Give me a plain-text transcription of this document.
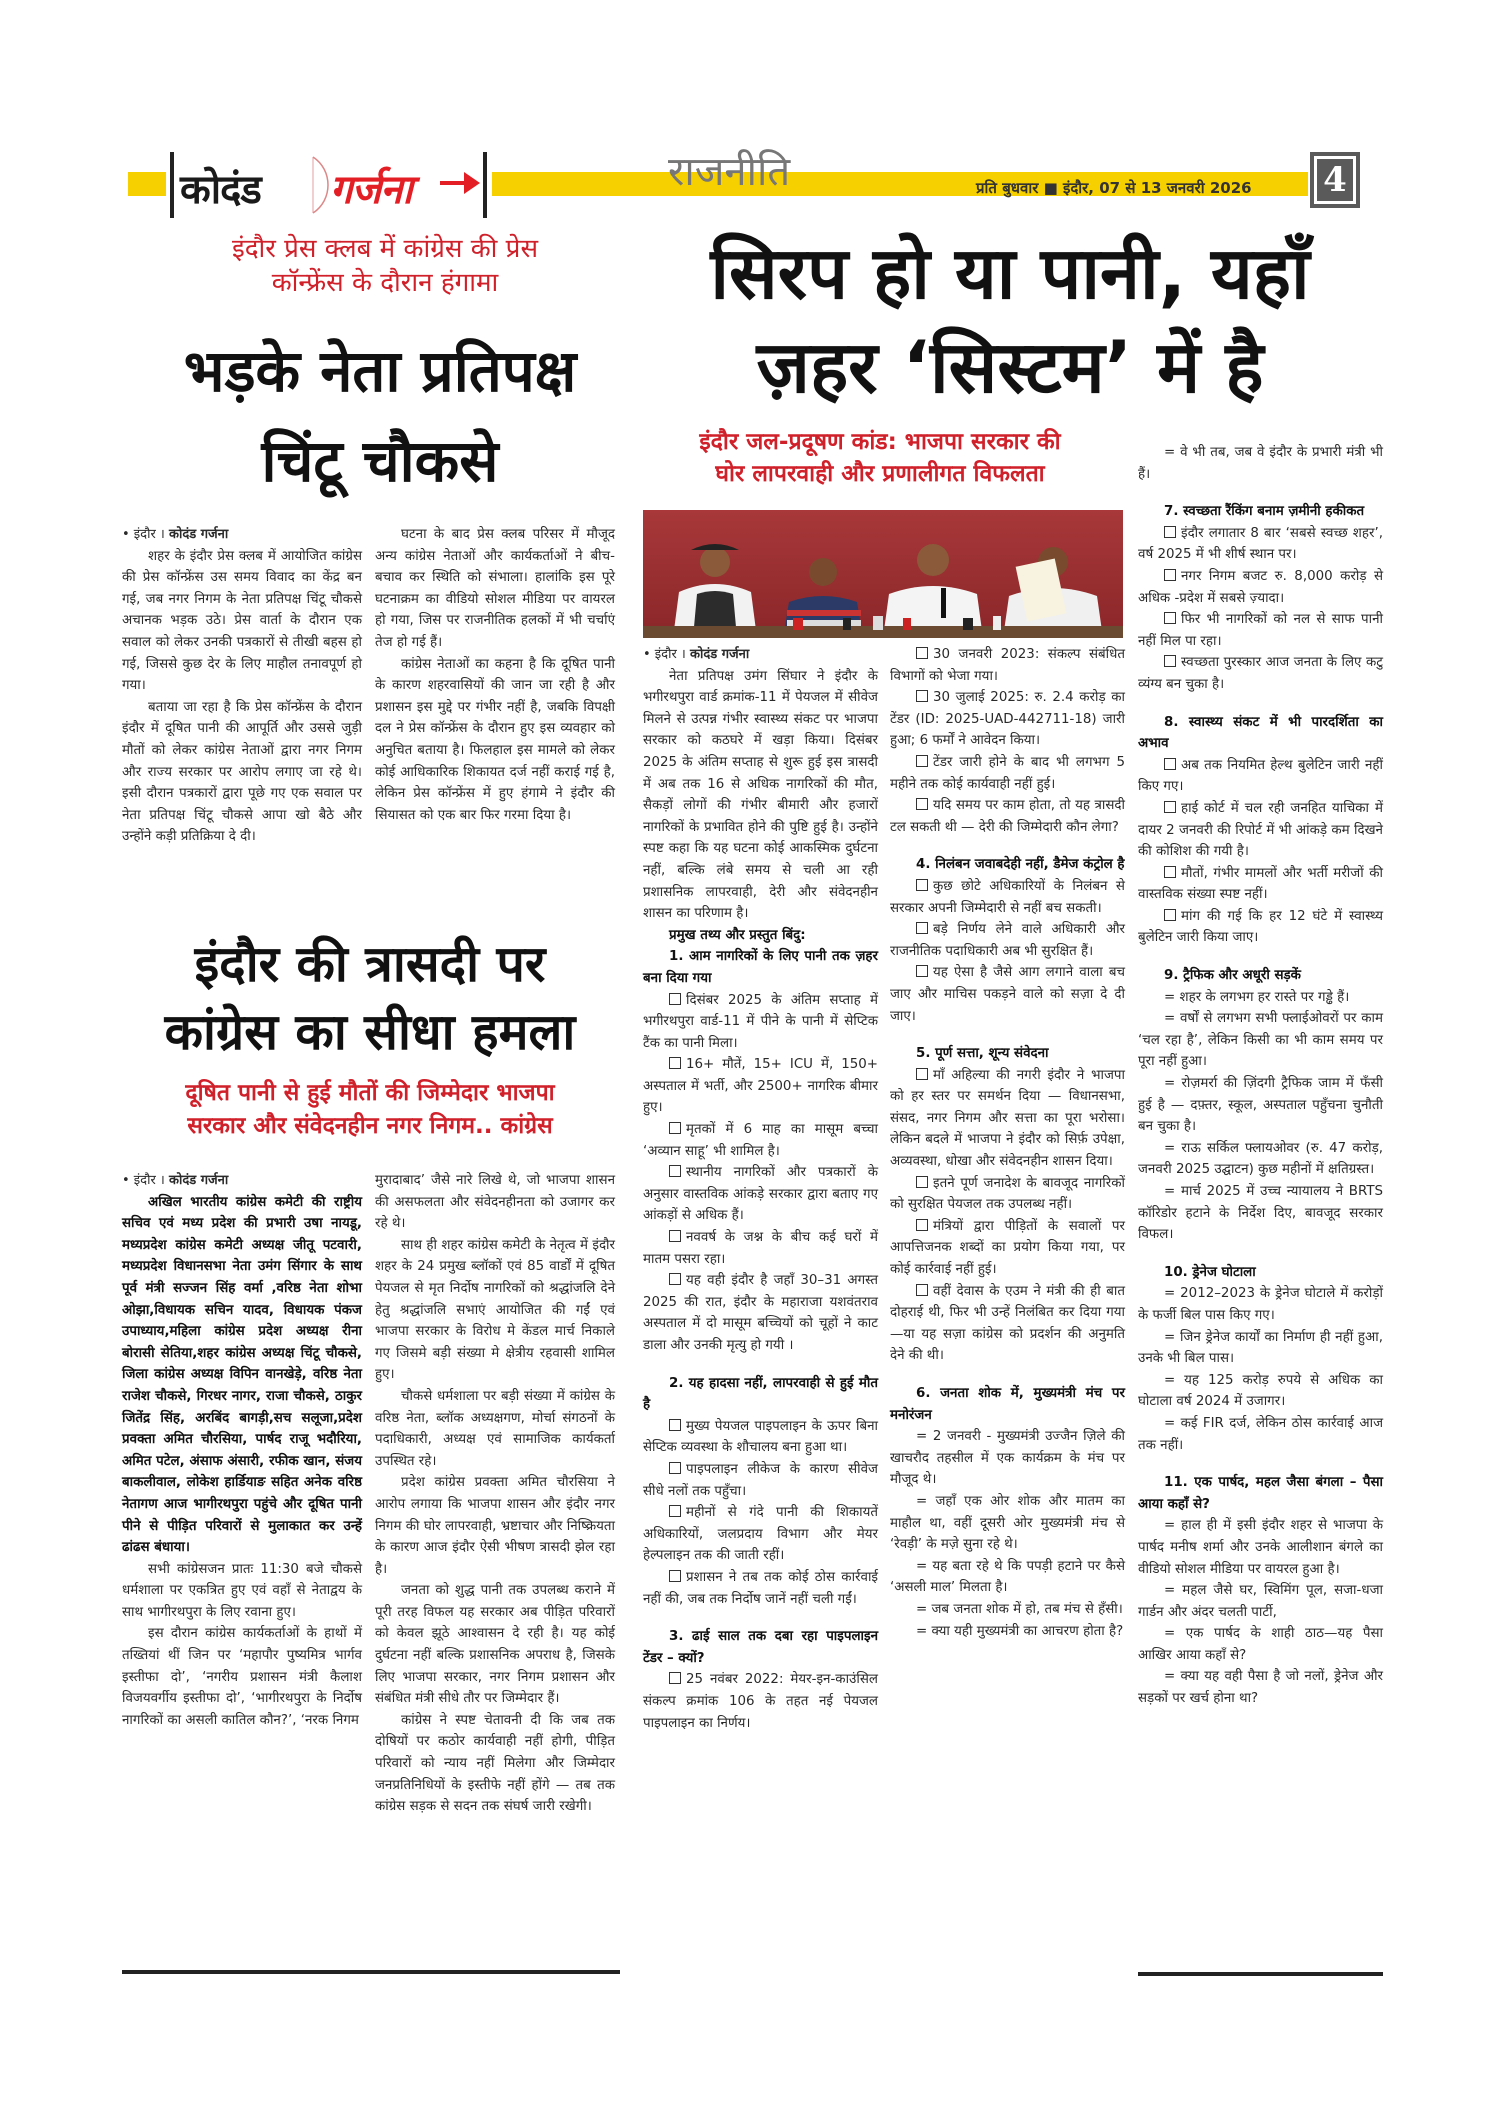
कोदंड गर्जना	राजनीति	प्रति बुधवार ■ इंदौर, 07 से 13 जनवरी 2026 4
इंदौर प्रेस क्लब में कांग्रेस की प्रेस कॉन्फ्रेंस के दौरान हंगामा
भड़के नेता प्रतिपक्ष
चिंटू चौकसे

• इंदौर । कोदंड गर्जना

शहर के इंदौर प्रेस क्लब में आयोजित कांग्रेस की प्रेस कॉन्फ्रेंस उस समय विवाद का केंद्र बन गई, जब नगर निगम के नेता प्रतिपक्ष चिंटू चौकसे अचानक भड़क उठे। प्रेस वार्ता के दौरान एक सवाल को लेकर उनकी पत्रकारों से तीखी बहस हो गई, जिससे कुछ देर के लिए माहौल तनावपूर्ण हो गया।

बताया जा रहा है कि प्रेस कॉन्फ्रेंस के दौरान इंदौर में दूषित पानी की आपूर्ति और उससे जुड़ी मौतों को लेकर कांग्रेस नेताओं द्वारा नगर निगम और राज्य सरकार पर आरोप लगाए जा रहे थे। इसी दौरान पत्रकारों द्वारा पूछे गए एक सवाल पर नेता प्रतिपक्ष चिंटू चौकसे आपा खो बैठे और उन्होंने कड़ी प्रतिक्रिया दे दी।

घटना के बाद प्रेस क्लब परिसर में मौजूद अन्य कांग्रेस नेताओं और कार्यकर्ताओं ने बीच-बचाव कर स्थिति को संभाला। हालांकि इस पूरे घटनाक्रम का वीडियो सोशल मीडिया पर वायरल हो गया, जिस पर राजनीतिक हलकों में भी चर्चाएं तेज हो गई हैं।

कांग्रेस नेताओं का कहना है कि दूषित पानी के कारण शहरवासियों की जान जा रही है और प्रशासन इस मुद्दे पर गंभीर नहीं है, जबकि विपक्षी दल ने प्रेस कॉन्फ्रेंस के दौरान हुए इस व्यवहार को अनुचित बताया है। फिलहाल इस मामले को लेकर कोई आधिकारिक शिकायत दर्ज नहीं कराई गई है, लेकिन प्रेस कॉन्फ्रेंस में हुए हंगामे ने इंदौर की सियासत को एक बार फिर गरमा दिया है।

इंदौर की त्रासदी पर
कांग्रेस का सीधा हमला
दूषित पानी से हुई मौतों की जिम्मेदार भाजपा
सरकार और संवेदनहीन नगर निगम.. कांग्रेस

• इंदौर । कोदंड गर्जना

अखिल भारतीय कांग्रेस कमेटी की राष्ट्रीय सचिव एवं मध्य प्रदेश की प्रभारी उषा नायडू, मध्यप्रदेश कांग्रेस कमेटी अध्यक्ष जीतू पटवारी, मध्यप्रदेश विधानसभा नेता उमंग सिंगार के साथ पूर्व मंत्री सज्जन सिंह वर्मा ,वरिष्ठ नेता शोभा ओझा,विधायक सचिन यादव, विधायक पंकज उपाध्याय,महिला कांग्रेस प्रदेश अध्यक्ष रीना बोरासी सेतिया,शहर कांग्रेस अध्यक्ष चिंटू चौकसे, जिला कांग्रेस अध्यक्ष विपिन वानखेड़े, वरिष्ठ नेता राजेश चौकसे, गिरधर नागर, राजा चौकसे, ठाकुर जितेंद्र सिंह, अरबिंद बागड़ी,सच सलूजा,प्रदेश प्रवक्ता अमित चौरसिया, पार्षद राजू भदौरिया, अमित पटेल, अंसाफ अंसारी, रफीक खान, संजय बाकलीवाल, लोकेश हार्डियाङ सहित अनेक वरिष्ठ नेतागण आज भागीरथपुरा पहुंचे और दूषित पानी पीने से पीड़ित परिवारों से मुलाकात कर उन्हें ढांढस बंधाया।

सभी कांग्रेसजन प्रातः 11:30 बजे चौकसे धर्मशाला पर एकत्रित हुए एवं वहाँ से नेताद्वय के साथ भागीरथपुरा के लिए रवाना हुए।

इस दौरान कांग्रेस कार्यकर्ताओं के हाथों में तख्तियां थीं जिन पर ‘महापौर पुष्यमित्र भार्गव इस्तीफा दो’, ‘नगरीय प्रशासन मंत्री कैलाश विजयवर्गीय इस्तीफा दो’, ‘भागीरथपुरा के निर्दोष नागरिकों का असली कातिल कौन?’, ‘नरक निगम

मुरादाबाद’ जैसे नारे लिखे थे, जो भाजपा शासन की असफलता और संवेदनहीनता को उजागर कर रहे थे।

साथ ही शहर कांग्रेस कमेटी के नेतृत्व में इंदौर शहर के 24 प्रमुख ब्लॉकों एवं 85 वार्डों में दूषित पेयजल से मृत निर्दोष नागरिकों को श्रद्धांजलि देने हेतु श्रद्धांजलि सभाएं आयोजित की गईं एवं भाजपा सरकार के विरोध मे केंडल मार्च निकाले गए जिसमे बड़ी संख्या मे क्षेत्रीय रहवासी शामिल हुए।

चौकसे धर्मशाला पर बड़ी संख्या में कांग्रेस के वरिष्ठ नेता, ब्लॉक अध्यक्षगण, मोर्चा संगठनों के पदाधिकारी, अध्यक्ष एवं सामाजिक कार्यकर्ता उपस्थित रहे।

प्रदेश कांग्रेस प्रवक्ता अमित चौरसिया ने आरोप लगाया कि भाजपा शासन और इंदौर नगर निगम की घोर लापरवाही, भ्रष्टाचार और निष्क्रियता के कारण आज इंदौर ऐसी भीषण त्रासदी झेल रहा है।

जनता को शुद्ध पानी तक उपलब्ध कराने में पूरी तरह विफल यह सरकार अब पीड़ित परिवारों को केवल झूठे आश्वासन दे रही है। यह कोई दुर्घटना नहीं बल्कि प्रशासनिक अपराध है, जिसके लिए भाजपा सरकार, नगर निगम प्रशासन और संबंधित मंत्री सीधे तौर पर जिम्मेदार हैं।

कांग्रेस ने स्पष्ट चेतावनी दी कि जब तक दोषियों पर कठोर कार्यवाही नहीं होगी, पीड़ित परिवारों को न्याय नहीं मिलेगा और जिम्मेदार जनप्रतिनिधियों के इस्तीफे नहीं होंगे — तब तक कांग्रेस सड़क से सदन तक संघर्ष जारी रखेगी।

सिरप हो या पानी, यहाँ
ज़हर ‘सिस्टम’ में है
इंदौर जल-प्रदूषण कांड: भाजपा सरकार की
घोर लापरवाही और प्रणालीगत विफलता

• इंदौर । कोदंड गर्जना

नेता प्रतिपक्ष उमंग सिंघार ने इंदौर के भगीरथपुरा वार्ड क्रमांक-11 में पेयजल में सीवेज मिलने से उत्पन्न गंभीर स्वास्थ्य संकट पर भाजपा सरकार को कठघरे में खड़ा किया। दिसंबर 2025 के अंतिम सप्ताह से शुरू हुई इस त्रासदी में अब तक 16 से अधिक नागरिकों की मौत, सैकड़ों लोगों की गंभीर बीमारी और हजारों नागरिकों के प्रभावित होने की पुष्टि हुई है। उन्होंने स्पष्ट कहा कि यह घटना कोई आकस्मिक दुर्घटना नहीं, बल्कि लंबे समय से चली आ रही प्रशासनिक लापरवाही, देरी और संवेदनहीन शासन का परिणाम है।

प्रमुख तथ्य और प्रस्तुत बिंदु:

1. आम नागरिकों के लिए पानी तक ज़हर बना दिया गया

दिसंबर 2025 के अंतिम सप्ताह में भगीरथपुरा वार्ड-11 में पीने के पानी में सेप्टिक टैंक का पानी मिला।

16+ मौतें, 15+ ICU में, 150+ अस्पताल में भर्ती, और 2500+ नागरिक बीमार हुए।

मृतकों में 6 माह का मासूम बच्चा ‘अव्यान साहू’ भी शामिल है।

स्थानीय नागरिकों और पत्रकारों के अनुसार वास्तविक आंकड़े सरकार द्वारा बताए गए आंकड़ों से अधिक हैं।

नववर्ष के जश्न के बीच कई घरों में मातम पसरा रहा।

यह वही इंदौर है जहाँ 30–31 अगस्त 2025 की रात, इंदौर के महाराजा यशवंतराव अस्पताल में दो मासूम बच्चियों को चूहों ने काट डाला और उनकी मृत्यु हो गयी ।

2. यह हादसा नहीं, लापरवाही से हुई मौत है

मुख्य पेयजल पाइपलाइन के ऊपर बिना सेप्टिक व्यवस्था के शौचालय बना हुआ था।

पाइपलाइन लीकेज के कारण सीवेज सीधे नलों तक पहुँचा।

महीनों से गंदे पानी की शिकायतें अधिकारियों, जलप्रदाय विभाग और मेयर हेल्पलाइन तक की जाती रहीं।

प्रशासन ने तब तक कोई ठोस कार्रवाई नहीं की, जब तक निर्दोष जानें नहीं चली गईं।

3. ढाई साल तक दबा रहा पाइपलाइन टेंडर – क्यों?

25 नवंबर 2022: मेयर-इन-काउंसिल संकल्प क्रमांक 106 के तहत नई पेयजल पाइपलाइन का निर्णय।

30 जनवरी 2023: संकल्प संबंधित विभागों को भेजा गया।

30 जुलाई 2025: रु. 2.4 करोड़ का टेंडर (ID: 2025-UAD-442711-18) जारी हुआ; 6 फर्मों ने आवेदन किया।

टेंडर जारी होने के बाद भी लगभग 5 महीने तक कोई कार्यवाही नहीं हुई।

यदि समय पर काम होता, तो यह त्रासदी टल सकती थी — देरी की जिम्मेदारी कौन लेगा?

4. निलंबन जवाबदेही नहीं, डैमेज कंट्रोल है

कुछ छोटे अधिकारियों के निलंबन से सरकार अपनी जिम्मेदारी से नहीं बच सकती।

बड़े निर्णय लेने वाले अधिकारी और राजनीतिक पदाधिकारी अब भी सुरक्षित हैं।

यह ऐसा है जैसे आग लगाने वाला बच जाए और माचिस पकड़ने वाले को सज़ा दे दी जाए।

5. पूर्ण सत्ता, शून्य संवेदना

माँ अहिल्या की नगरी इंदौर ने भाजपा को हर स्तर पर समर्थन दिया — विधानसभा, संसद, नगर निगम और सत्ता का पूरा भरोसा। लेकिन बदले में भाजपा ने इंदौर को सिर्फ़ उपेक्षा, अव्यवस्था, धोखा और संवेदनहीन शासन दिया।

इतने पूर्ण जनादेश के बावजूद नागरिकों को सुरक्षित पेयजल तक उपलब्ध नहीं।

मंत्रियों द्वारा पीड़ितों के सवालों पर आपत्तिजनक शब्दों का प्रयोग किया गया, पर कोई कार्रवाई नहीं हुई।

वहीं देवास के एउम ने मंत्री की ही बात दोहराई थी, फिर भी उन्हें निलंबित कर दिया गया—या यह सज़ा कांग्रेस को प्रदर्शन की अनुमति देने की थी।

6. जनता शोक में, मुख्यमंत्री मंच पर मनोरंजन

= 2 जनवरी - मुख्यमंत्री उज्जैन ज़िले की खाचरौद तहसील में एक कार्यक्रम के मंच पर मौजूद थे।

= जहाँ एक ओर शोक और मातम का माहौल था, वहीं दूसरी ओर मुख्यमंत्री मंच से ‘रेवड़ी’ के मज़े सुना रहे थे।

= यह बता रहे थे कि पपड़ी हटाने पर कैसे ‘असली माल’ मिलता है।

= जब जनता शोक में हो, तब मंच से हँसी।

= क्या यही मुख्यमंत्री का आचरण होता है?

= वे भी तब, जब वे इंदौर के प्रभारी मंत्री भी हैं।

7. स्वच्छता रैंकिंग बनाम ज़मीनी हकीकत

इंदौर लगातार 8 बार ‘सबसे स्वच्छ शहर’, वर्ष 2025 में भी शीर्ष स्थान पर।

नगर निगम बजट रु. 8,000 करोड़ से अधिक -प्रदेश में सबसे ज़्यादा।

फिर भी नागरिकों को नल से साफ पानी नहीं मिल पा रहा।

स्वच्छता पुरस्कार आज जनता के लिए कटु व्यंग्य बन चुका है।

8. स्वास्थ्य संकट में भी पारदर्शिता का अभाव

अब तक नियमित हेल्थ बुलेटिन जारी नहीं किए गए।

हाई कोर्ट में चल रही जनहित याचिका में दायर 2 जनवरी की रिपोर्ट में भी आंकड़े कम दिखने की कोशिश की गयी है।

मौतों, गंभीर मामलों और भर्ती मरीजों की वास्तविक संख्या स्पष्ट नहीं।

मांग की गई कि हर 12 घंटे में स्वास्थ्य बुलेटिन जारी किया जाए।

9. ट्रैफिक और अधूरी सड़कें

= शहर के लगभग हर रास्ते पर गड्ढे हैं।

= वर्षों से लगभग सभी फ्लाईओवरों पर काम ‘चल रहा है’, लेकिन किसी का भी काम समय पर पूरा नहीं हुआ।

= रोज़मर्रा की ज़िंदगी ट्रैफिक जाम में फँसी हुई है — दफ़्तर, स्कूल, अस्पताल पहुँचना चुनौती बन चुका है।

= राऊ सर्किल फ्लायओवर (रु. 47 करोड़, जनवरी 2025 उद्घाटन) कुछ महीनों में क्षतिग्रस्त।

= मार्च 2025 में उच्च न्यायालय ने BRTS कॉरिडोर हटाने के निर्देश दिए, बावजूद सरकार विफल।

10. ड्रेनेज घोटाला

= 2012–2023 के ड्रेनेज घोटाले में करोड़ों के फर्जी बिल पास किए गए।

= जिन ड्रेनेज कार्यों का निर्माण ही नहीं हुआ, उनके भी बिल पास।

= यह 125 करोड़ रुपये से अधिक का घोटाला वर्ष 2024 में उजागर।

= कई FIR दर्ज, लेकिन ठोस कार्रवाई आज तक नहीं।

11. एक पार्षद, महल जैसा बंगला – पैसा आया कहाँ से?

= हाल ही में इसी इंदौर शहर से भाजपा के पार्षद मनीष शर्मा और उनके आलीशान बंगले का वीडियो सोशल मीडिया पर वायरल हुआ है।

= महल जैसे घर, स्विमिंग पूल, सजा-धजा गार्डन और अंदर चलती पार्टी,

= एक पार्षद के शाही ठाठ—यह पैसा आखिर आया कहाँ से?

= क्या यह वही पैसा है जो नलों, ड्रेनेज और सड़कों पर खर्च होना था?
